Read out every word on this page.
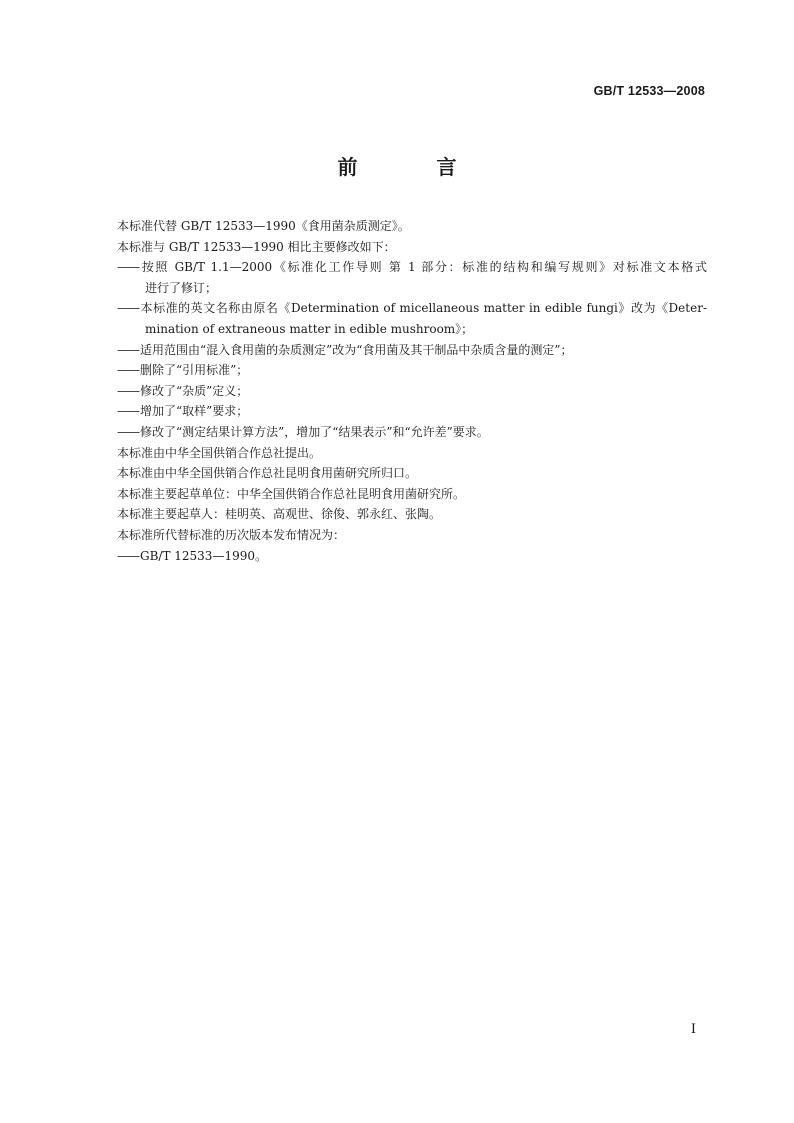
GB/T 12533—2008
前 言
本标准代替 GB/T 12533—1990《食用菌杂质测定》。
本标准与 GB/T 12533—1990 相比主要修改如下：
——按照 GB/T 1.1—2000《标准化工作导则 第 1 部分：标准的结构和编写规则》对标准文本格式
进行了修订；
——本标准的英文名称由原名《Determination of micellaneous matter in edible fungi》改为《Deter-
mination of extraneous matter in edible mushroom》；
——适用范围由“混入食用菌的杂质测定”改为“食用菌及其干制品中杂质含量的测定”；
——删除了“引用标准”；
——修改了“杂质”定义；
——增加了“取样”要求；
——修改了“测定结果计算方法”，增加了“结果表示”和“允许差”要求。
本标准由中华全国供销合作总社提出。
本标准由中华全国供销合作总社昆明食用菌研究所归口。
本标准主要起草单位：中华全国供销合作总社昆明食用菌研究所。
本标准主要起草人：桂明英、高观世、徐俊、郭永红、张陶。
本标准所代替标准的历次版本发布情况为：
——GB/T 12533—1990。
I
